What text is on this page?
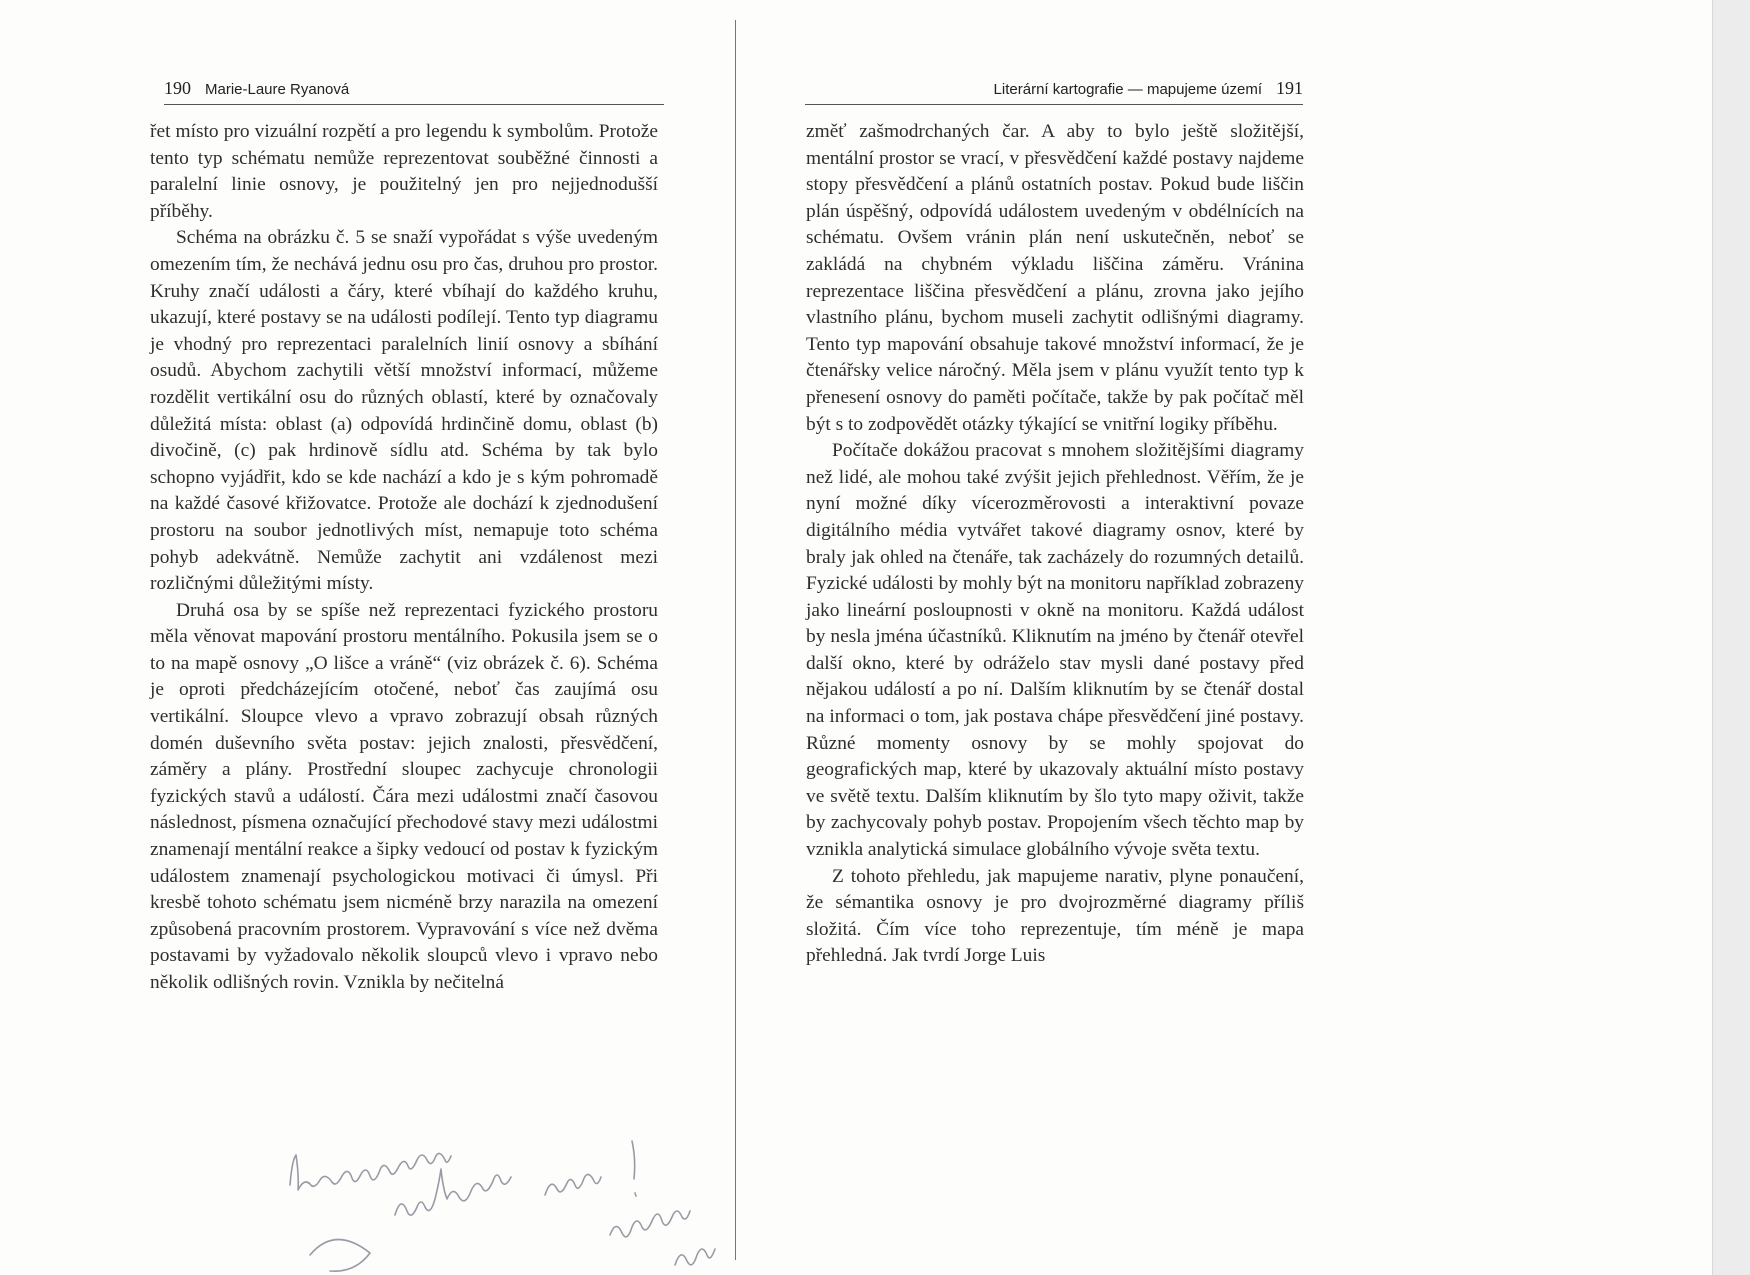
190 Marie-Laure Ryanová	Literární kartografie — mapujeme území 191

řet místo pro vizuální rozpětí a pro legendu k symbolům. Protože tento typ schématu nemůže reprezentovat souběžné činnosti a paralelní linie osnovy, je použitelný jen pro nejjednodušší příběhy.

Schéma na obrázku č. 5 se snaží vypořádat s výše uvedeným omezením tím, že nechává jednu osu pro čas, druhou pro prostor. Kruhy značí události a čáry, které vbíhají do každého kruhu, ukazují, které postavy se na události podílejí. Tento typ diagramu je vhodný pro reprezentaci paralelních linií osnovy a sbíhání osudů. Abychom zachytili větší množství informací, můžeme rozdělit vertikální osu do různých oblastí, které by označovaly důležitá místa: oblast (a) odpovídá hrdinčině domu, oblast (b) divočině, (c) pak hrdinově sídlu atd. Schéma by tak bylo schopno vyjádřit, kdo se kde nachází a kdo je s kým pohromadě na každé časové křižovatce. Protože ale dochází k zjednodušení prostoru na soubor jednotlivých míst, nemapuje toto schéma pohyb adekvátně. Nemůže zachytit ani vzdálenost mezi rozličnými důležitými místy.

Druhá osa by se spíše než reprezentaci fyzického prostoru měla věnovat mapování prostoru mentálního. Pokusila jsem se o to na mapě osnovy „O lišce a vráně“ (viz obrázek č. 6). Schéma je oproti předcházejícím otočené, neboť čas zaujímá osu vertikální. Sloupce vlevo a vpravo zobrazují obsah různých domén duševního světa postav: jejich znalosti, přesvědčení, záměry a plány. Prostřední sloupec zachycuje chronologii fyzických stavů a událostí. Čára mezi událostmi značí časovou následnost, písmena označující přechodové stavy mezi událostmi znamenají mentální reakce a šipky vedoucí od postav k fyzickým událostem znamenají psychologickou motivaci či úmysl. Při kresbě tohoto schématu jsem nicméně brzy narazila na omezení způsobená pracovním prostorem. Vypravování s více než dvěma postavami by vyžadovalo několik sloupců vlevo i vpravo nebo několik odlišných rovin. Vznikla by nečitelná

změť zašmodrchaných čar. A aby to bylo ještě složitější, mentální prostor se vrací, v přesvědčení každé postavy najdeme stopy přesvědčení a plánů ostatních postav. Pokud bude liščin plán úspěšný, odpovídá událostem uvedeným v obdélnících na schématu. Ovšem vránin plán není uskutečněn, neboť se zakládá na chybném výkladu liščina záměru. Vránina reprezentace liščina přesvědčení a plánu, zrovna jako jejího vlastního plánu, bychom museli zachytit odlišnými diagramy. Tento typ mapování obsahuje takové množství informací, že je čtenářsky velice náročný. Měla jsem v plánu využít tento typ k přenesení osnovy do paměti počítače, takže by pak počítač měl být s to zodpovědět otázky týkající se vnitřní logiky příběhu.

Počítače dokážou pracovat s mnohem složitějšími diagramy než lidé, ale mohou také zvýšit jejich přehlednost. Věřím, že je nyní možné díky vícerozměrovosti a interaktivní povaze digitálního média vytvářet takové diagramy osnov, které by braly jak ohled na čtenáře, tak zacházely do rozumných detailů. Fyzické události by mohly být na monitoru například zobrazeny jako lineární posloupnosti v okně na monitoru. Každá událost by nesla jména účastníků. Kliknutím na jméno by čtenář otevřel další okno, které by odráželo stav mysli dané postavy před nějakou událostí a po ní. Dalším kliknutím by se čtenář dostal na informaci o tom, jak postava chápe přesvědčení jiné postavy. Různé momenty osnovy by se mohly spojovat do geografických map, které by ukazovaly aktuální místo postavy ve světě textu. Dalším kliknutím by šlo tyto mapy oživit, takže by zachycovaly pohyb postav. Propojením všech těchto map by vznikla analytická simulace globálního vývoje světa textu.

Z tohoto přehledu, jak mapujeme narativ, plyne ponaučení, že sémantika osnovy je pro dvojrozměrné diagramy příliš složitá. Čím více toho reprezentuje, tím méně je mapa přehledná. Jak tvrdí Jorge Luis
